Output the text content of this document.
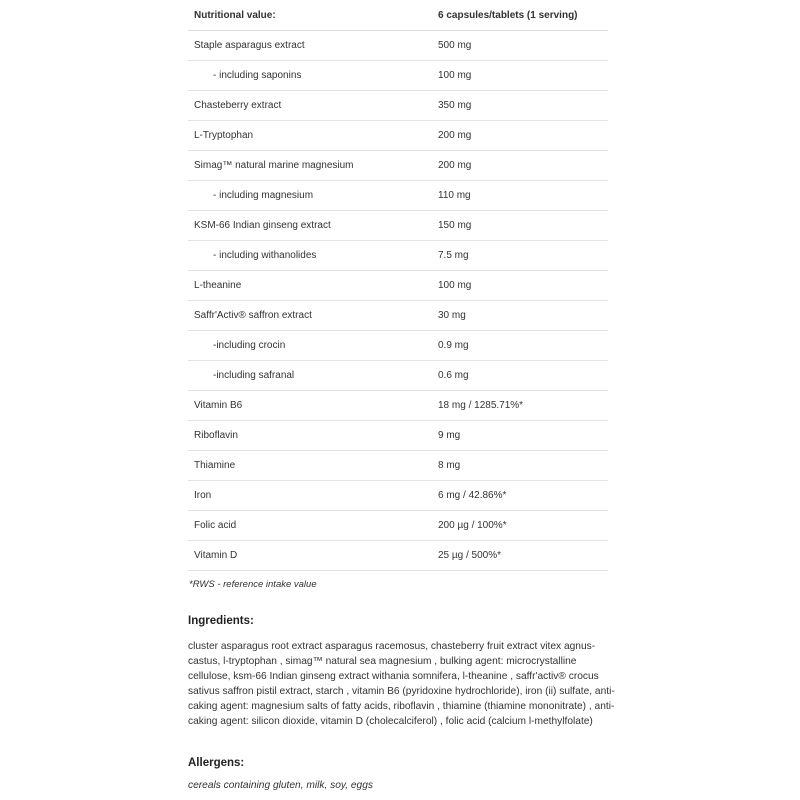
Nutritional value:	6 capsules/tablets (1 serving)
Staple asparagus extract	500 mg
- including saponins	100 mg
Chasteberry extract	350 mg
L-Tryptophan	200 mg
Simag™ natural marine magnesium	200 mg
- including magnesium	110 mg
KSM-66 Indian ginseng extract	150 mg
- including withanolides	7.5 mg
L-theanine	100 mg
Saffr'Activ® saffron extract	30 mg
-including crocin	0.9 mg
-including safranal	0.6 mg
Vitamin B6	18 mg / 1285.71%*
Riboflavin	9 mg
Thiamine	8 mg
Iron	6 mg / 42.86%*
Folic acid	200 µg / 100%*
Vitamin D	25 µg / 500%*

*RWS - reference intake value

Ingredients:

cluster asparagus root extract asparagus racemosus, chasteberry fruit extract vitex agnus-castus, l-tryptophan , simag™ natural sea magnesium , bulking agent: microcrystalline cellulose, ksm-66 Indian ginseng extract withania somnifera, l-theanine , saffr'activ® crocus sativus saffron pistil extract, starch , vitamin B6 (pyridoxine hydrochloride), iron (ii) sulfate, anti-caking agent: magnesium salts of fatty acids, riboflavin , thiamine (thiamine mononitrate) , anti-caking agent: silicon dioxide, vitamin D (cholecalciferol) , folic acid (calcium l-methylfolate)

Allergens:

cereals containing gluten, milk, soy, eggs
